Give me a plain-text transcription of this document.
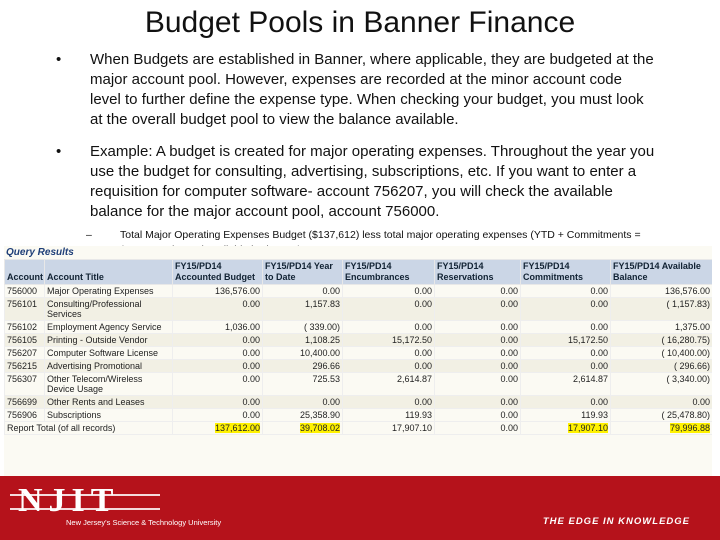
Budget Pools in Banner Finance
• When Budgets are established in Banner, where applicable, they are budgeted at the major account pool. However, expenses are recorded at the minor account code level to further define the expense type. When checking your budget, you must look at the overall budget pool to view the balance available.
• Example: A budget is created for major operating expenses. Throughout the year you use the budget for consulting, advertising, subscriptions, etc. If you want to enter a requisition for computer software- account 756207, you will check the available balance for the major account pool, account 756000.
–	Total Major Operating Expenses Budget ($137,612) less total major operating expenses (YTD + Commitments =
Query Results
Account	Account Title	FY15/PD14 Accounted Budget	FY15/PD14 Year to Date	FY15/PD14 Encumbrances	FY15/PD14 Reservations	FY15/PD14 Commitments	FY15/PD14 Available Balance
756000	Major Operating Expenses	136,576.00	0.00	0.00	0.00	0.00	136,576.00
756101	Consulting/Professional Services	0.00	1,157.83	0.00	0.00	0.00	( 1,157.83)
756102	Employment Agency Service	1,036.00	( 339.00)	0.00	0.00	0.00	1,375.00
756105	Printing - Outside Vendor	0.00	1,108.25	15,172.50	0.00	15,172.50	( 16,280.75)
756207	Computer Software License	0.00	10,400.00	0.00	0.00	0.00	( 10,400.00)
756215	Advertising Promotional	0.00	296.66	0.00	0.00	0.00	( 296.66)
756307	Other Telecom/Wireless Device Usage	0.00	725.53	2,614.87	0.00	2,614.87	( 3,340.00)
756699	Other Rents and Leases	0.00	0.00	0.00	0.00	0.00	0.00
756906	Subscriptions	0.00	25,358.90	119.93	0.00	119.93	( 25,478.80)
Report Total (of all records)		137,612.00	39,708.02	17,907.10	0.00	17,907.10	79,996.88
NJIT
New Jersey's Science & Technology University	THE EDGE IN KNOWLEDGE
